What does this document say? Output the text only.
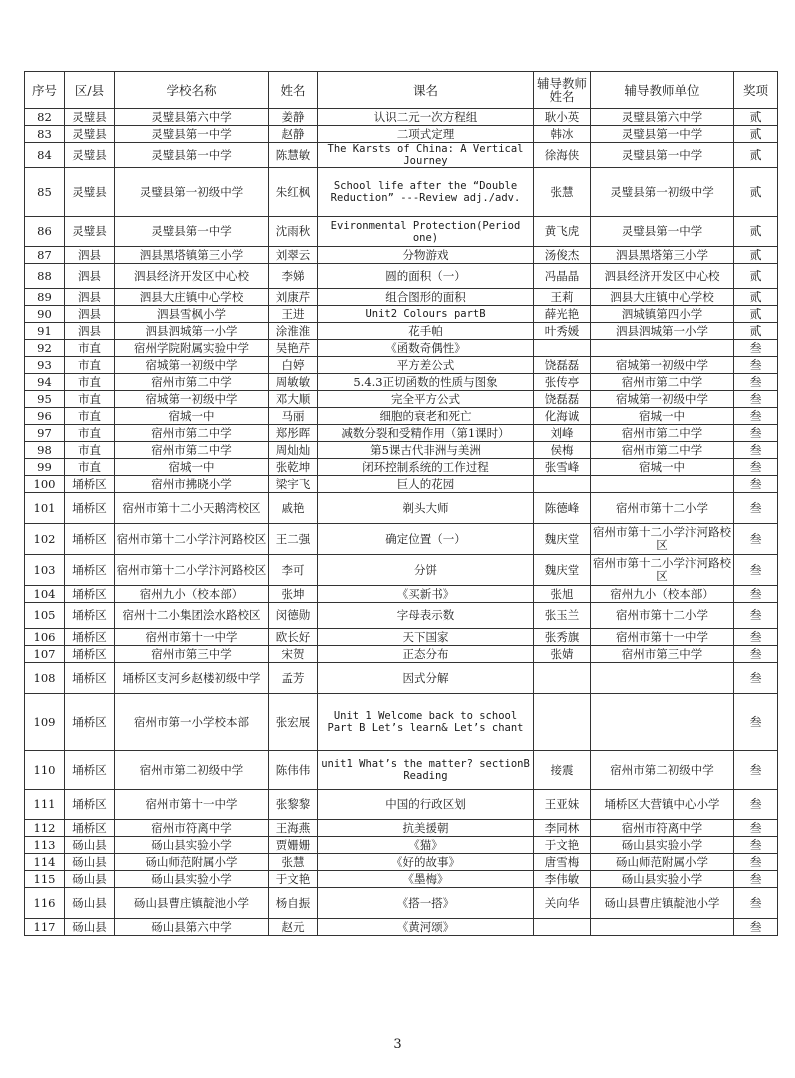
序号	区/县	学校名称	姓名	课名	辅导教师姓名	辅导教师单位	奖项
82	灵璧县	灵璧县第六中学	姜静	认识二元一次方程组	耿小英	灵璧县第六中学	贰
83	灵璧县	灵璧县第一中学	赵静	二项式定理	韩冰	灵璧县第一中学	贰
84	灵璧县	灵璧县第一中学	陈慧敏	The Karsts of China: A Vertical Journey	徐海侠	灵璧县第一中学	贰
85	灵璧县	灵璧县第一初级中学	朱红枫	School life after the “Double Reduction” ---Review adj./adv.	张慧	灵璧县第一初级中学	贰
86	灵璧县	灵璧县第一中学	沈雨秋	Evironmental Protection(Period one)	黄飞虎	灵璧县第一中学	贰
87	泗县	泗县黑塔镇第三小学	刘翠云	分物游戏	汤俊杰	泗县黑塔第三小学	贰
88	泗县	泗县经济开发区中心校	李娣	圆的面积（一）	冯晶晶	泗县经济开发区中心校	贰
89	泗县	泗县大庄镇中心学校	刘康芹	组合图形的面积	王莉	泗县大庄镇中心学校	贰
90	泗县	泗县雪枫小学	王进	Unit2 Colours partB	薛光艳	泗城镇第四小学	贰
91	泗县	泗县泗城第一小学	涂淮淮	花手帕	叶秀媛	泗县泗城第一小学	贰
92	市直	宿州学院附属实验中学	吴艳芹	《函数奇偶性》			叁
93	市直	宿城第一初级中学	白婷	平方差公式	饶磊磊	宿城第一初级中学	叁
94	市直	宿州市第二中学	周敏敏	5.4.3正切函数的性质与图象	张传亭	宿州市第二中学	叁
95	市直	宿城第一初级中学	邓大顺	完全平方公式	饶磊磊	宿城第一初级中学	叁
96	市直	宿城一中	马丽	细胞的衰老和死亡	化海诚	宿城一中	叁
97	市直	宿州市第二中学	郑彤晖	减数分裂和受精作用（第1课时）	刘峰	宿州市第二中学	叁
98	市直	宿州市第二中学	周灿灿	第5课古代非洲与美洲	侯梅	宿州市第二中学	叁
99	市直	宿城一中	张乾坤	闭环控制系统的工作过程	张雪峰	宿城一中	叁
100	埇桥区	宿州市拂晓小学	梁宇飞	巨人的花园			叁
101	埇桥区	宿州市第十二小天鹅湾校区	戚艳	剃头大师	陈德峰	宿州市第十二小学	叁
102	埇桥区	宿州市第十二小学汴河路校区	王二强	确定位置（一）	魏庆堂	宿州市第十二小学汴河路校区	叁
103	埇桥区	宿州市第十二小学汴河路校区	李可	分饼	魏庆堂	宿州市第十二小学汴河路校区	叁
104	埇桥区	宿州九小（校本部）	张坤	《买新书》	张旭	宿州九小（校本部）	叁
105	埇桥区	宿州十二小集团浍水路校区	闵德勋	字母表示数	张玉兰	宿州市第十二小学	叁
106	埇桥区	宿州市第十一中学	欧长好	天下国家	张秀旗	宿州市第十一中学	叁
107	埇桥区	宿州市第三中学	宋贺	正态分布	张婧	宿州市第三中学	叁
108	埇桥区	埇桥区支河乡赵楼初级中学	孟芳	因式分解			叁
109	埇桥区	宿州市第一小学校本部	张宏展	Unit 1 Welcome back to school Part B Let’s learn& Let’s chant			叁
110	埇桥区	宿州市第二初级中学	陈伟伟	unit1 What’s the matter? sectionB Reading	接震	宿州市第二初级中学	叁
111	埇桥区	宿州市第十一中学	张黎黎	中国的行政区划	王亚妹	埇桥区大营镇中心小学	叁
112	埇桥区	宿州市符离中学	王海燕	抗美援朝	李同林	宿州市符离中学	叁
113	砀山县	砀山县实验小学	贾姗姗	《猫》	于文艳	砀山县实验小学	叁
114	砀山县	砀山师范附属小学	张慧	《好的故事》	唐雪梅	砀山师范附属小学	叁
115	砀山县	砀山县实验小学	于文艳	《墨梅》	李伟敏	砀山县实验小学	叁
116	砀山县	砀山县曹庄镇靛池小学	杨自振	《搭一搭》	关向华	砀山县曹庄镇靛池小学	叁
117	砀山县	砀山县第六中学	赵元	《黄河颂》			叁
3
